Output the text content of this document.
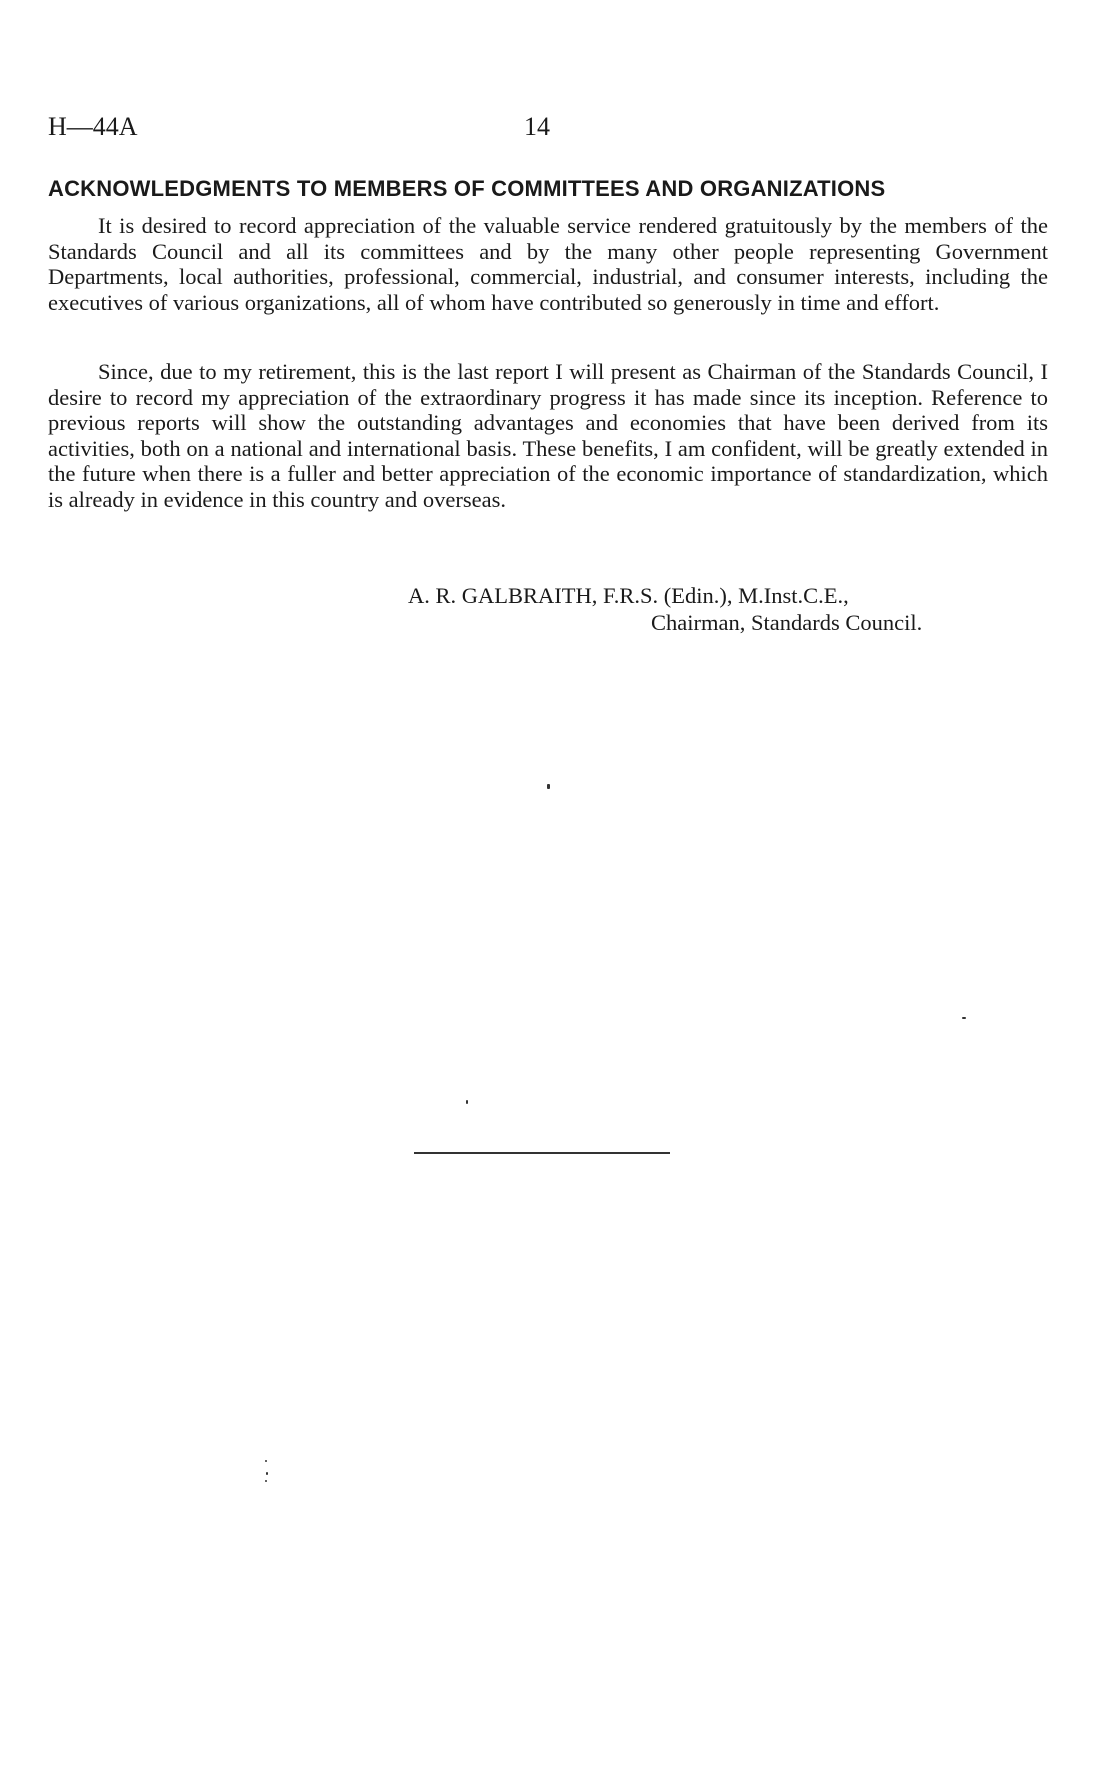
H—44A	14
ACKNOWLEDGMENTS TO MEMBERS OF COMMITTEES AND ORGANIZATIONS

It is desired to record appreciation of the valuable service rendered gratuitously by the members of the Standards Council and all its committees and by the many other people representing Government Departments, local authorities, professional, commercial, industrial, and consumer interests, including the executives of various organizations, all of whom have contributed so generously in time and effort.

Since, due to my retirement, this is the last report I will present as Chairman of the Standards Council, I desire to record my appreciation of the extraordinary progress it has made since its inception. Reference to previous reports will show the outstanding advantages and economies that have been derived from its activities, both on a national and international basis. These benefits, I am confident, will be greatly extended in the future when there is a fuller and better appreciation of the economic importance of standardization, which is already in evidence in this country and overseas.

A. R. GALBRAITH, F.R.S. (Edin.), M.Inst.C.E.,
Chairman, Standards Council.
